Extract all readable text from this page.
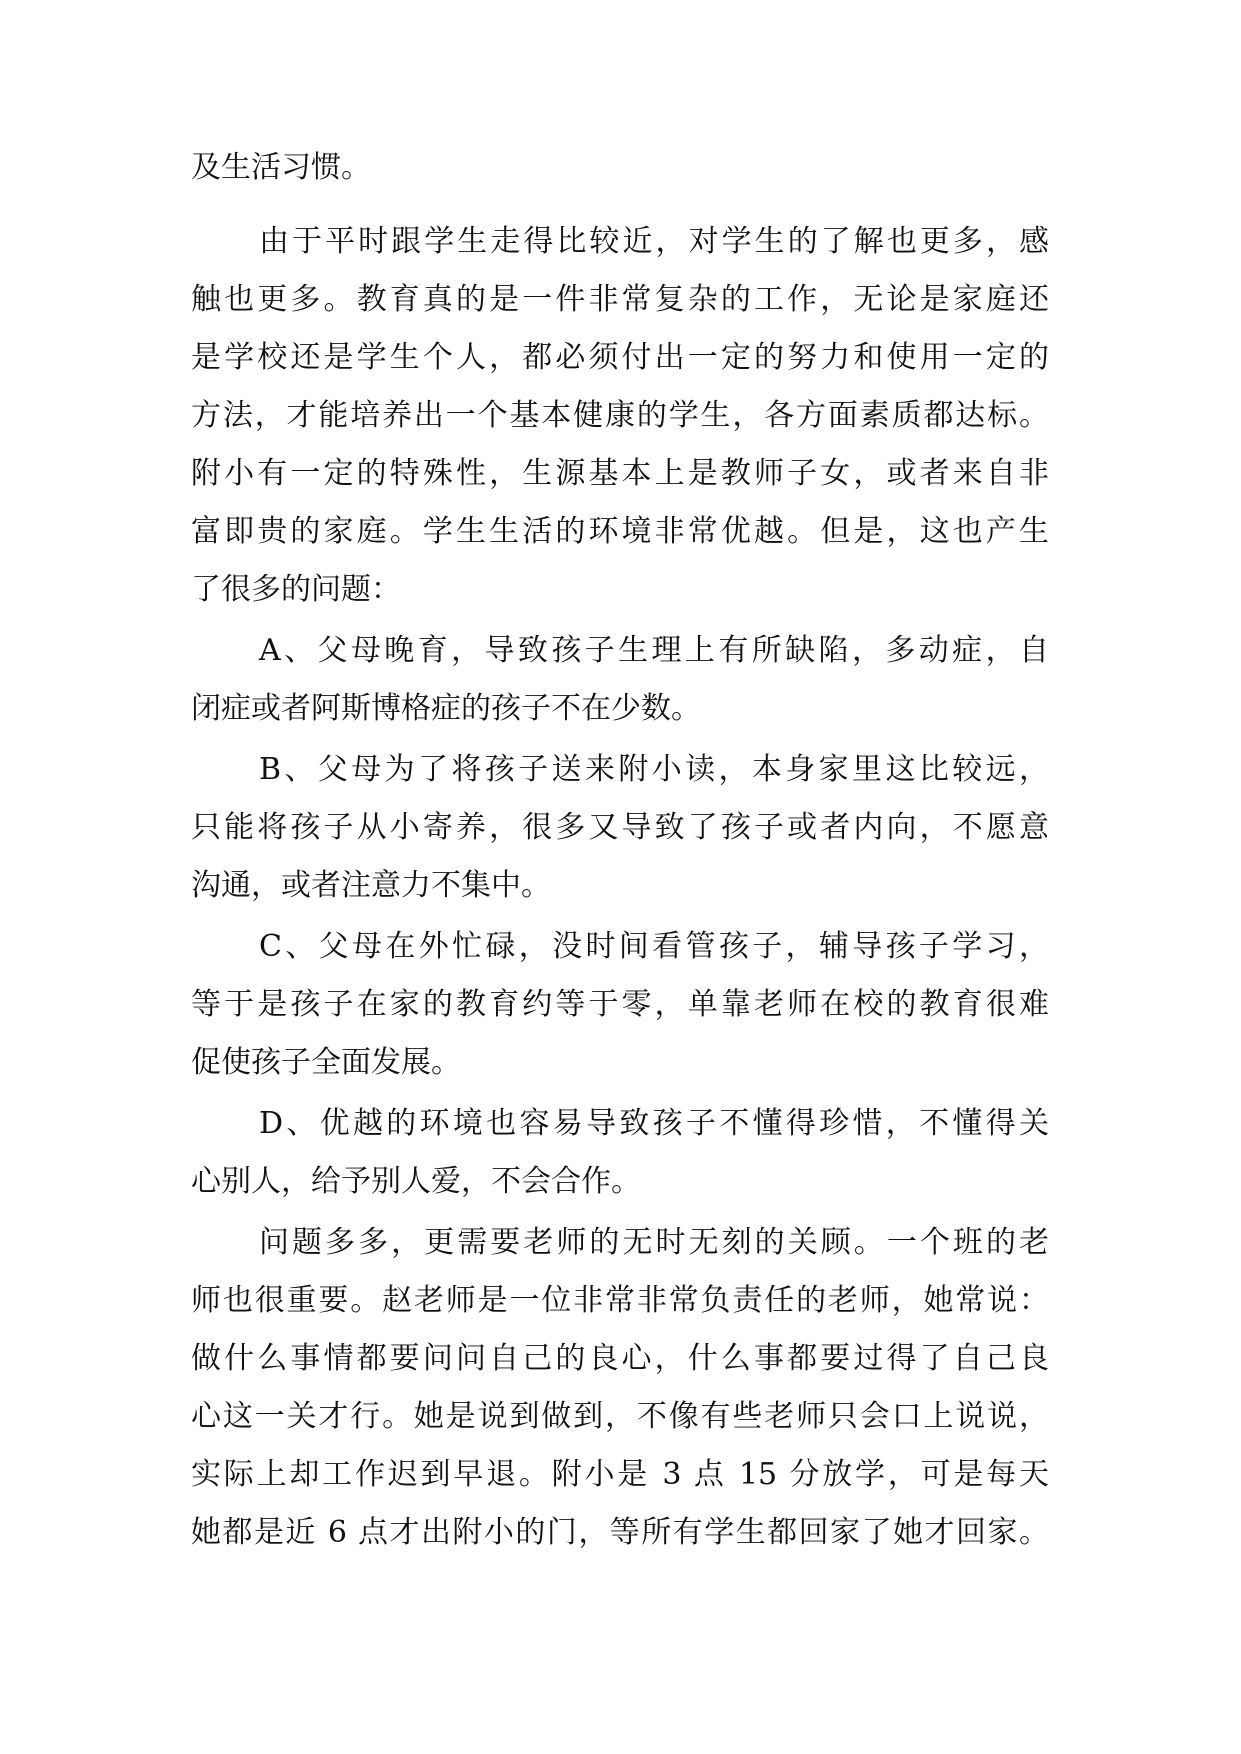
及生活习惯。
由于平时跟学生走得比较近，对学生的了解也更多，感
触也更多。教育真的是一件非常复杂的工作，无论是家庭还
是学校还是学生个人，都必须付出一定的努力和使用一定的
方法，才能培养出一个基本健康的学生，各方面素质都达标。
附小有一定的特殊性，生源基本上是教师子女，或者来自非
富即贵的家庭。学生生活的环境非常优越。但是，这也产生
了很多的问题：
A、父母晚育，导致孩子生理上有所缺陷，多动症，自
闭症或者阿斯博格症的孩子不在少数。
B、父母为了将孩子送来附小读，本身家里这比较远，
只能将孩子从小寄养，很多又导致了孩子或者内向，不愿意
沟通，或者注意力不集中。
C、父母在外忙碌，没时间看管孩子，辅导孩子学习，
等于是孩子在家的教育约等于零，单靠老师在校的教育很难
促使孩子全面发展。
D、优越的环境也容易导致孩子不懂得珍惜，不懂得关
心别人，给予别人爱，不会合作。
问题多多，更需要老师的无时无刻的关顾。一个班的老
师也很重要。赵老师是一位非常非常负责任的老师，她常说：
做什么事情都要问问自己的良心，什么事都要过得了自己良
心这一关才行。她是说到做到，不像有些老师只会口上说说，
实际上却工作迟到早退。附小是 3 点 15 分放学，可是每天
她都是近 6 点才出附小的门，等所有学生都回家了她才回家。
